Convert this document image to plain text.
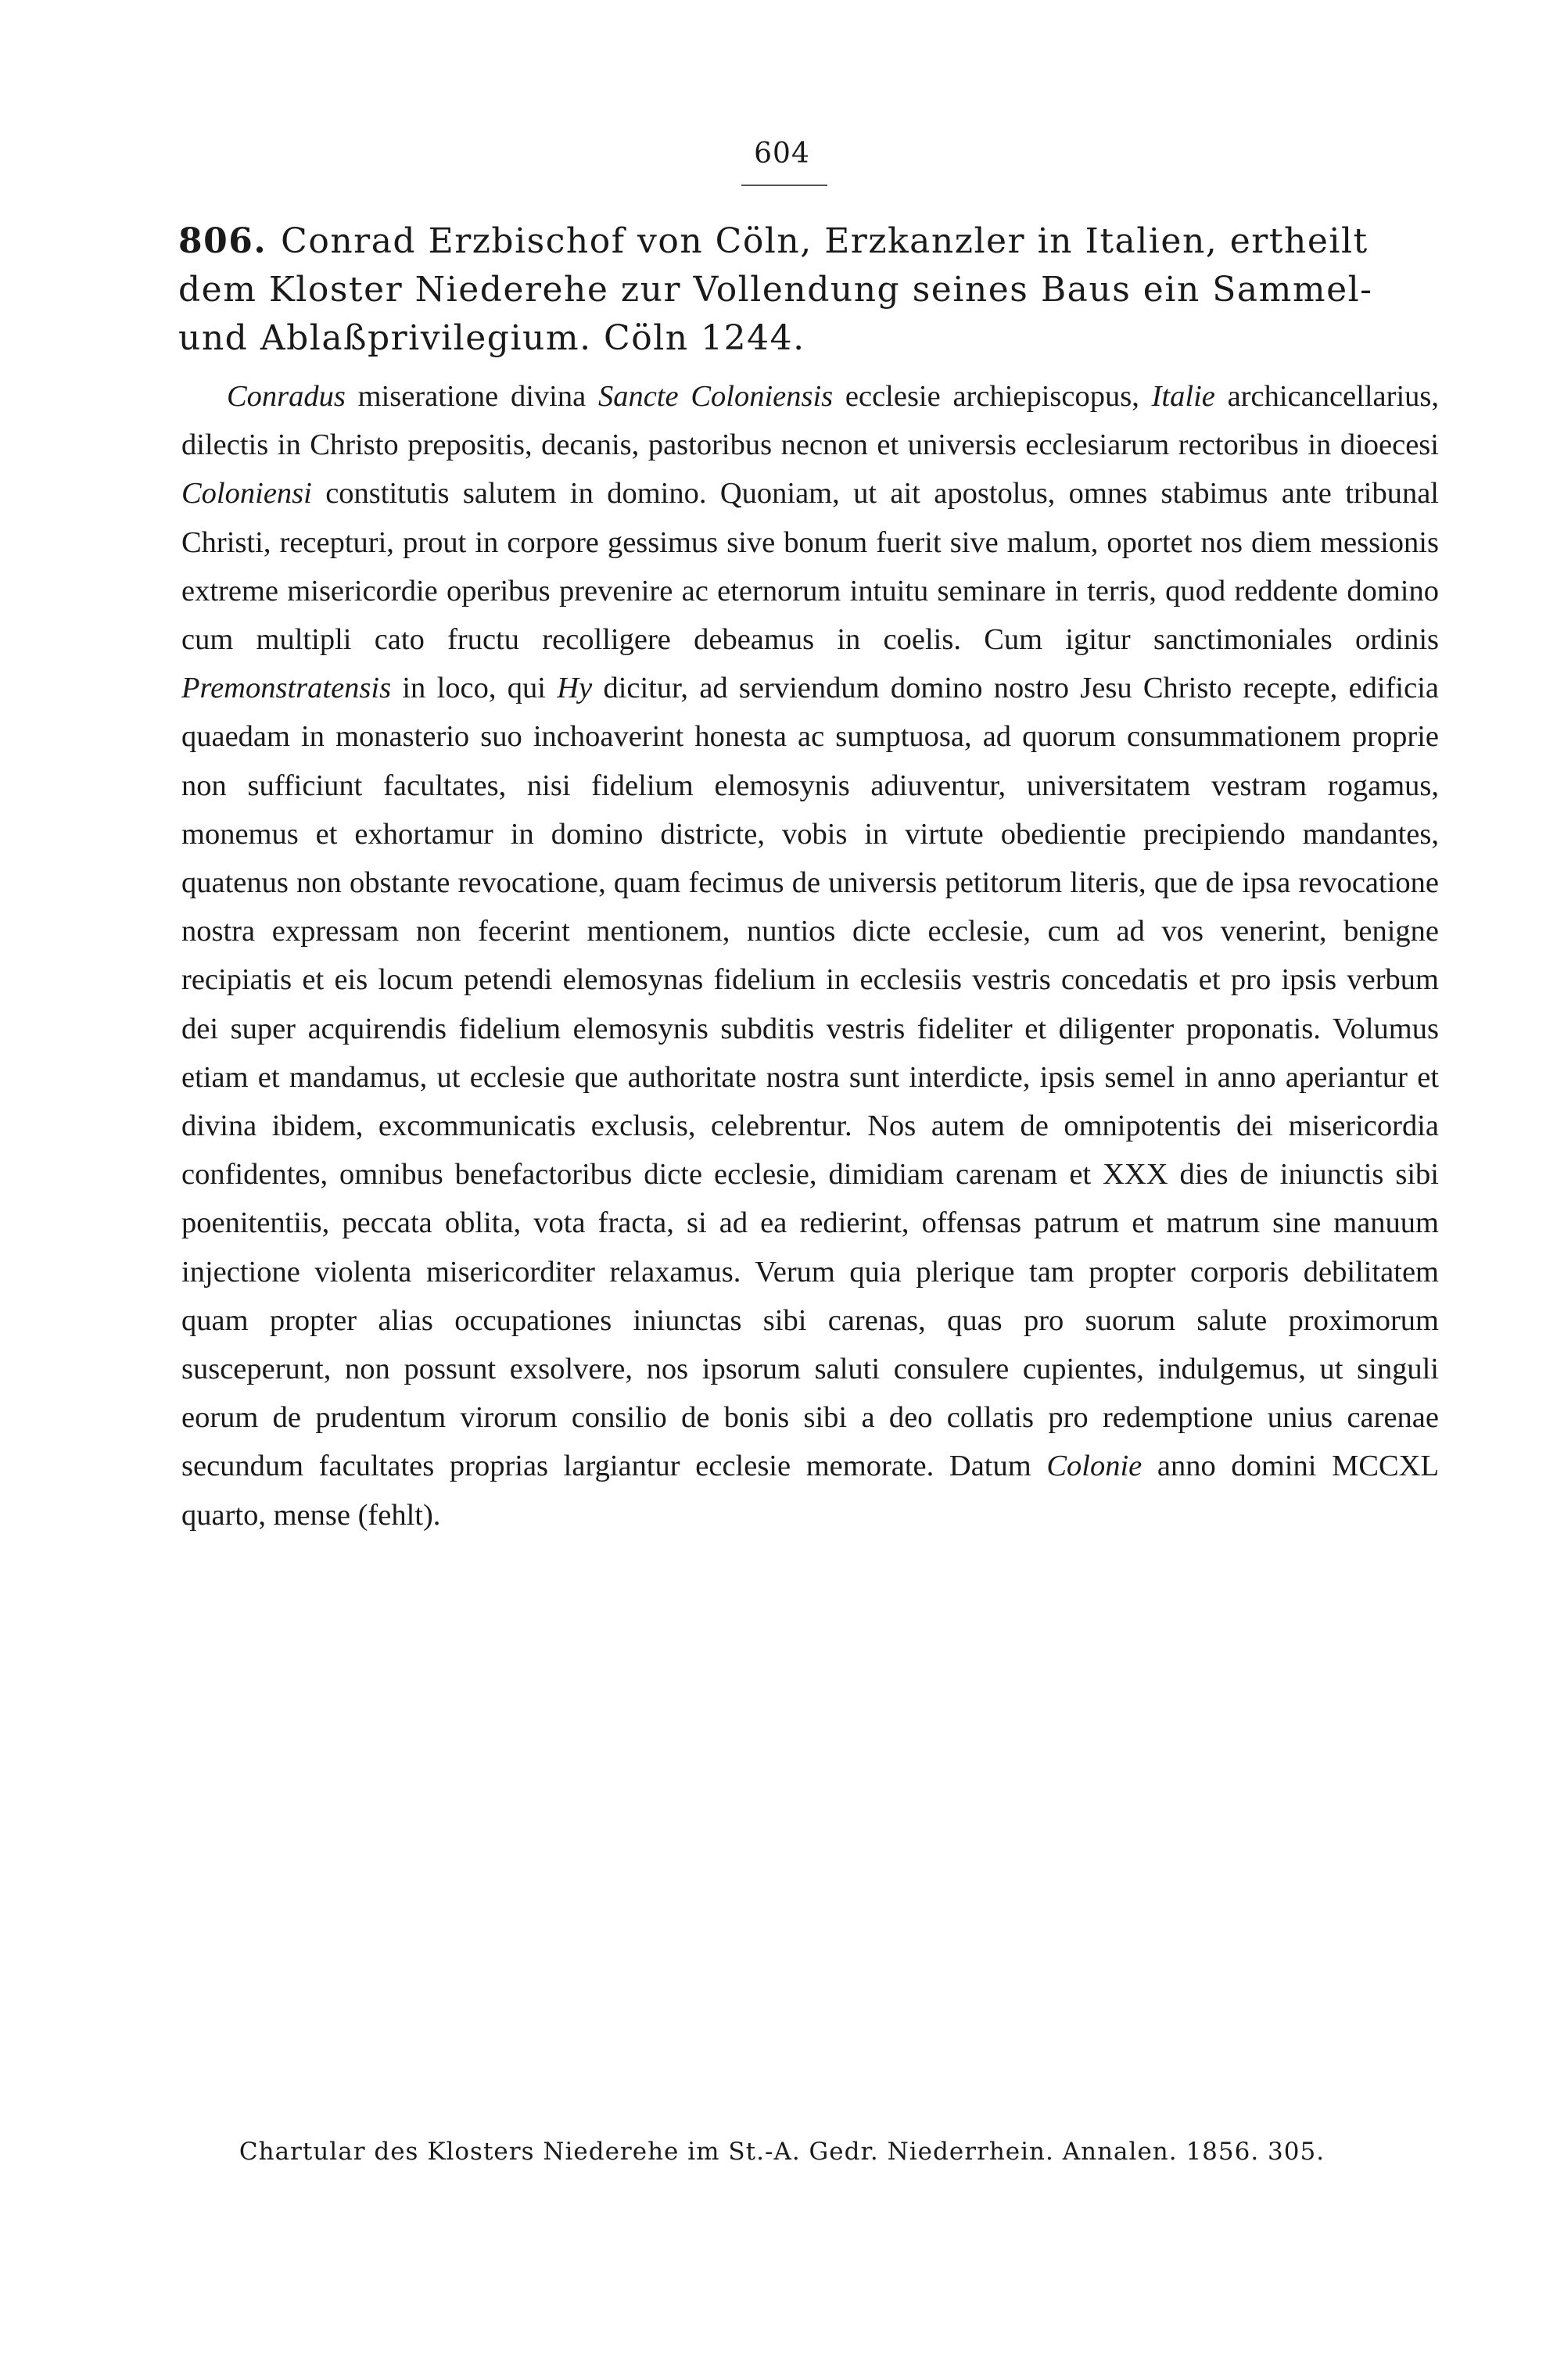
604
806. Conrad Erzbischof von Cöln, Erzkanzler in Italien, ertheilt dem Kloster Niederehe zur Vollendung seines Baus ein Sammel- und Ablaßprivilegium. Cöln 1244.
Conradus miseratione divina Sancte Coloniensis ecclesie archiepiscopus, Italie archicancellarius, dilectis in Christo prepositis, decanis, pastoribus necnon et universis ecclesiarum rectoribus in dioecesi Coloniensi constitutis salutem in domino. Quoniam, ut ait apostolus, omnes stabimus ante tribunal Christi, recepturi, prout in corpore gessimus sive bonum fuerit sive malum, oportet nos diem messionis extreme misericordie operibus prevenire ac eternorum intuitu seminare in terris, quod reddente domino cum multipli cato fructu recolligere debeamus in coelis. Cum igitur sanctimoniales ordinis Premonstratensis in loco, qui Hy dicitur, ad serviendum domino nostro Jesu Christo recepte, edificia quaedam in monasterio suo inchoaverint honesta ac sumptuosa, ad quorum consummationem proprie non sufficiunt facultates, nisi fidelium elemosynis adiuventur, universitatem vestram rogamus, monemus et exhortamur in domino districte, vobis in virtute obedientie precipiendo mandantes, quatenus non obstante revocatione, quam fecimus de universis petitorum literis, que de ipsa revocatione nostra expressam non fecerint mentionem, nuntios dicte ecclesie, cum ad vos venerint, benigne recipiatis et eis locum petendi elemosynas fidelium in ecclesiis vestris concedatis et pro ipsis verbum dei super acquirendis fidelium elemosynis subditis vestris fideliter et diligenter proponatis. Volumus etiam et mandamus, ut ecclesie que authoritate nostra sunt interdicte, ipsis semel in anno aperiantur et divina ibidem, excommunicatis exclusis, celebrentur. Nos autem de omnipotentis dei misericordia confidentes, omnibus benefactoribus dicte ecclesie, dimidiam carenam et XXX dies de iniunctis sibi poenitentiis, peccata oblita, vota fracta, si ad ea redierint, offensas patrum et matrum sine manuum injectione violenta misericorditer relaxamus. Verum quia plerique tam propter corporis debilitatem quam propter alias occupationes iniunctas sibi carenas, quas pro suorum salute proximorum susceperunt, non possunt exsolvere, nos ipsorum saluti consulere cupientes, indulgemus, ut singuli eorum de prudentum virorum consilio de bonis sibi a deo collatis pro redemptione unius carenae secundum facultates proprias largiantur ecclesie memorate. Datum Colonie anno domini MCCXL quarto, mense (fehlt).
Chartular des Klosters Niederehe im St.-A. Gedr. Niederrhein. Annalen. 1856. 305.
